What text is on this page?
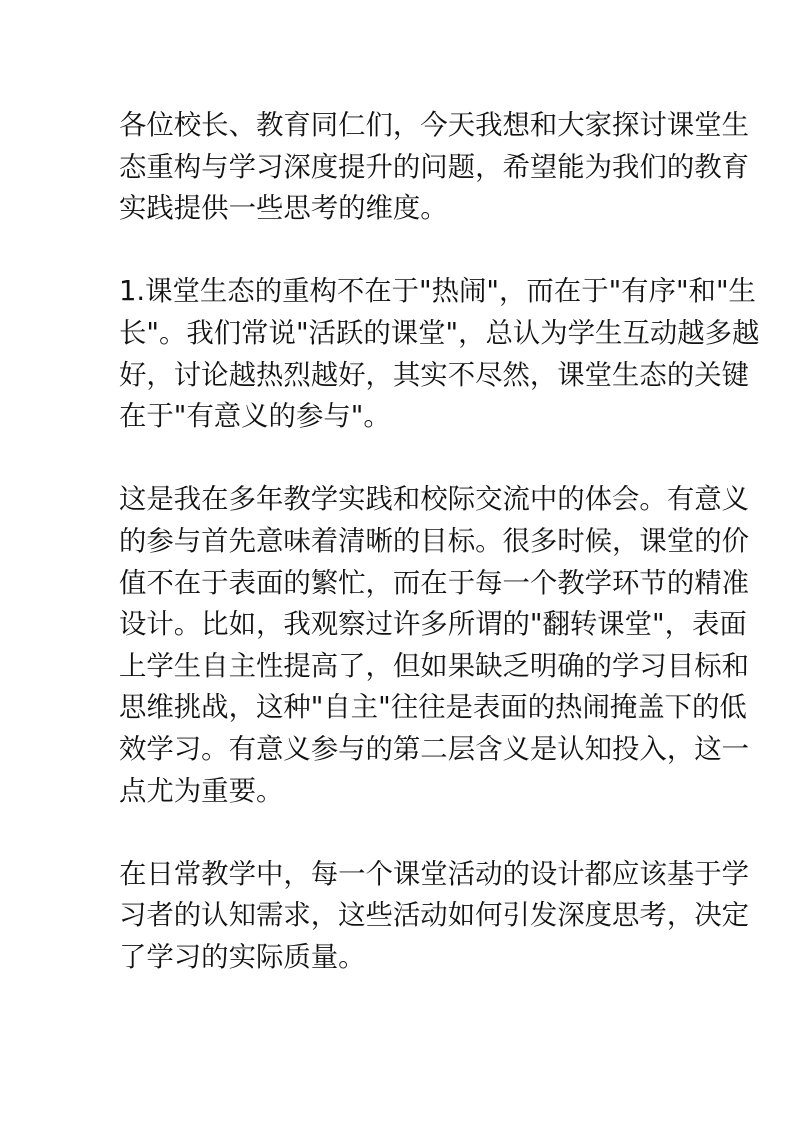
各位校长、教育同仁们，今天我想和大家探讨课堂生
态重构与学习深度提升的问题，希望能为我们的教育
实践提供一些思考的维度。
1.课堂生态的重构不在于"热闹"，而在于"有序"和"生
长"。我们常说"活跃的课堂"，总认为学生互动越多越
好，讨论越热烈越好，其实不尽然，课堂生态的关键
在于"有意义的参与"。
这是我在多年教学实践和校际交流中的体会。有意义
的参与首先意味着清晰的目标。很多时候，课堂的价
值不在于表面的繁忙，而在于每一个教学环节的精准
设计。比如，我观察过许多所谓的"翻转课堂"，表面
上学生自主性提高了，但如果缺乏明确的学习目标和
思维挑战，这种"自主"往往是表面的热闹掩盖下的低
效学习。有意义参与的第二层含义是认知投入，这一
点尤为重要。
在日常教学中，每一个课堂活动的设计都应该基于学
习者的认知需求，这些活动如何引发深度思考，决定
了学习的实际质量。
